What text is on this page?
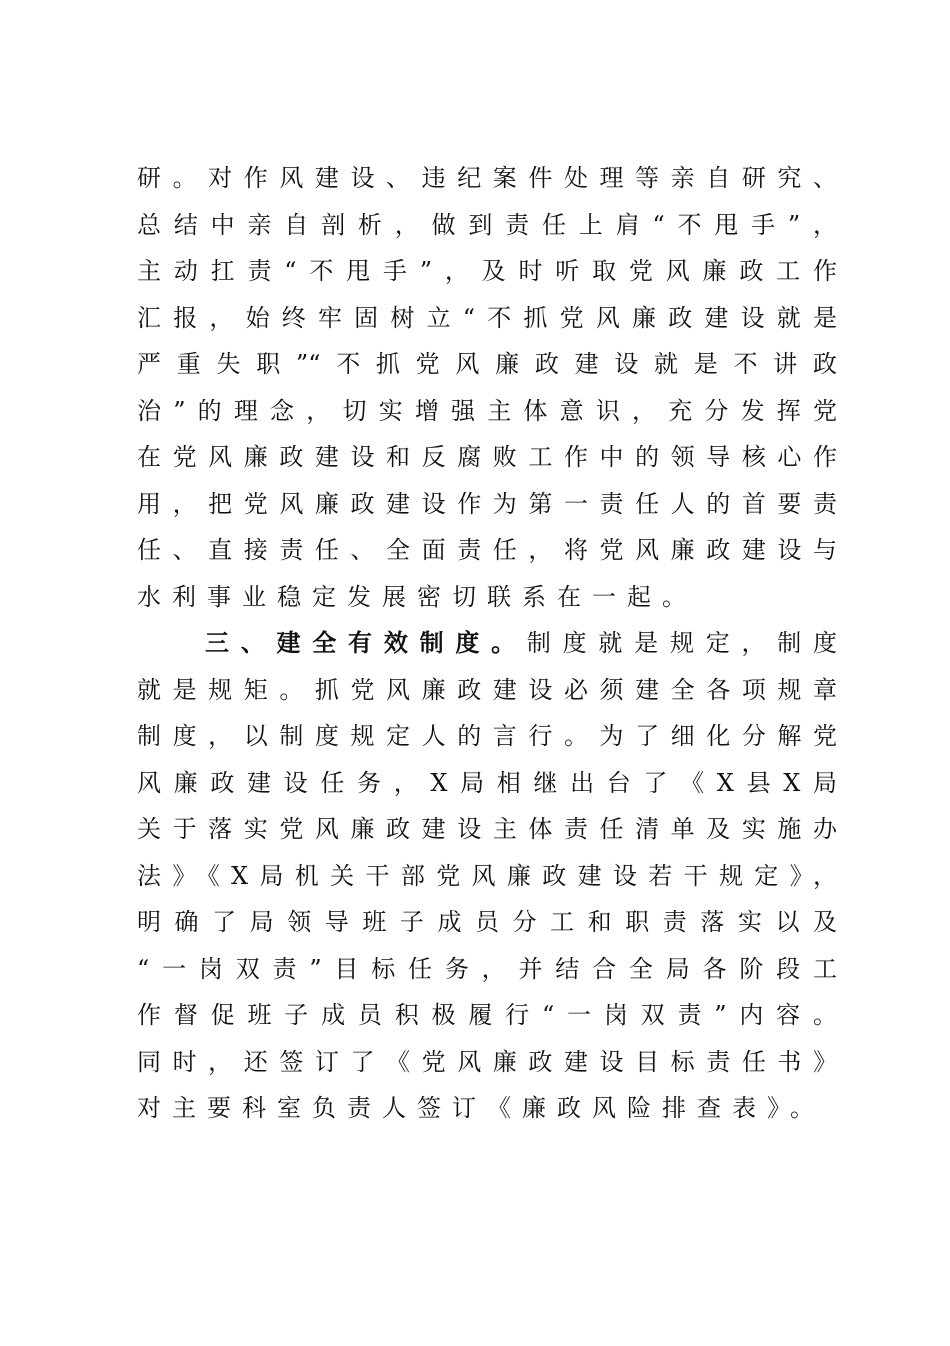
研。对作风建设、违纪案件处理等亲自研究、
总结中亲自剖析，做到责任上肩“不甩手”，
主动扛责“不甩手”，及时听取党风廉政工作
汇报，始终牢固树立“不抓党风廉政建设就是
严重失职”“不抓党风廉政建设就是不讲政
治”的理念，切实增强主体意识，充分发挥党
在党风廉政建设和反腐败工作中的领导核心作
用，把党风廉政建设作为第一责任人的首要责
任、直接责任、全面责任，将党风廉政建设与
水利事业稳定发展密切联系在一起。
三、建全有效制度。制度就是规定，制度
就是规矩。抓党风廉政建设必须建全各项规章
制度，以制度规定人的言行。为了细化分解党
风廉政建设任务，X局相继出台了《X县X局
关于落实党风廉政建设主体责任清单及实施办
法》《X局机关干部党风廉政建设若干规定》，
明确了局领导班子成员分工和职责落实以及
“一岗双责”目标任务，并结合全局各阶段工
作督促班子成员积极履行“一岗双责”内容。
同时，还签订了《党风廉政建设目标责任书》
对主要科室负责人签订《廉政风险排查表》。
